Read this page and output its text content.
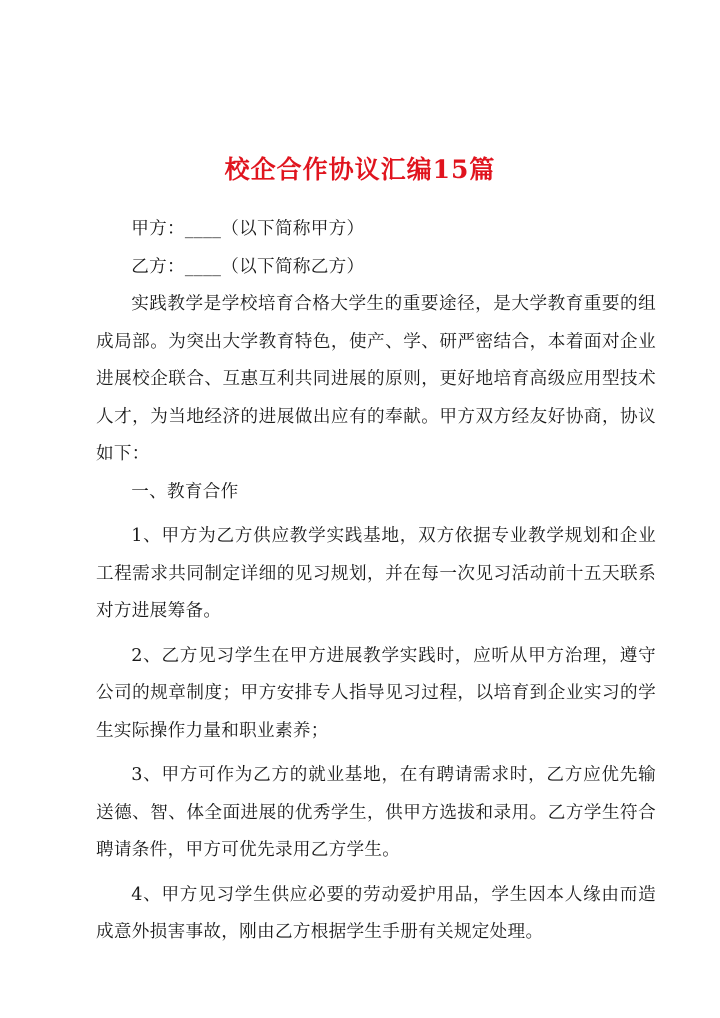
校企合作协议汇编15篇

甲方：____（以下简称甲方）

乙方：____（以下简称乙方）

实践教学是学校培育合格大学生的重要途径，是大学教育重要的组成局部。为突出大学教育特色，使产、学、研严密结合，本着面对企业进展校企联合、互惠互利共同进展的原则，更好地培育高级应用型技术人才，为当地经济的进展做出应有的奉献。甲方双方经友好协商，协议如下：

一、教育合作

1、甲方为乙方供应教学实践基地，双方依据专业教学规划和企业工程需求共同制定详细的见习规划，并在每一次见习活动前十五天联系对方进展筹备。

2、乙方见习学生在甲方进展教学实践时，应听从甲方治理，遵守公司的规章制度；甲方安排专人指导见习过程，以培育到企业实习的学生实际操作力量和职业素养；

3、甲方可作为乙方的就业基地，在有聘请需求时，乙方应优先输送德、智、体全面进展的优秀学生，供甲方选拔和录用。乙方学生符合聘请条件，甲方可优先录用乙方学生。

4、甲方见习学生供应必要的劳动爱护用品，学生因本人缘由而造成意外损害事故，刚由乙方根据学生手册有关规定处理。
